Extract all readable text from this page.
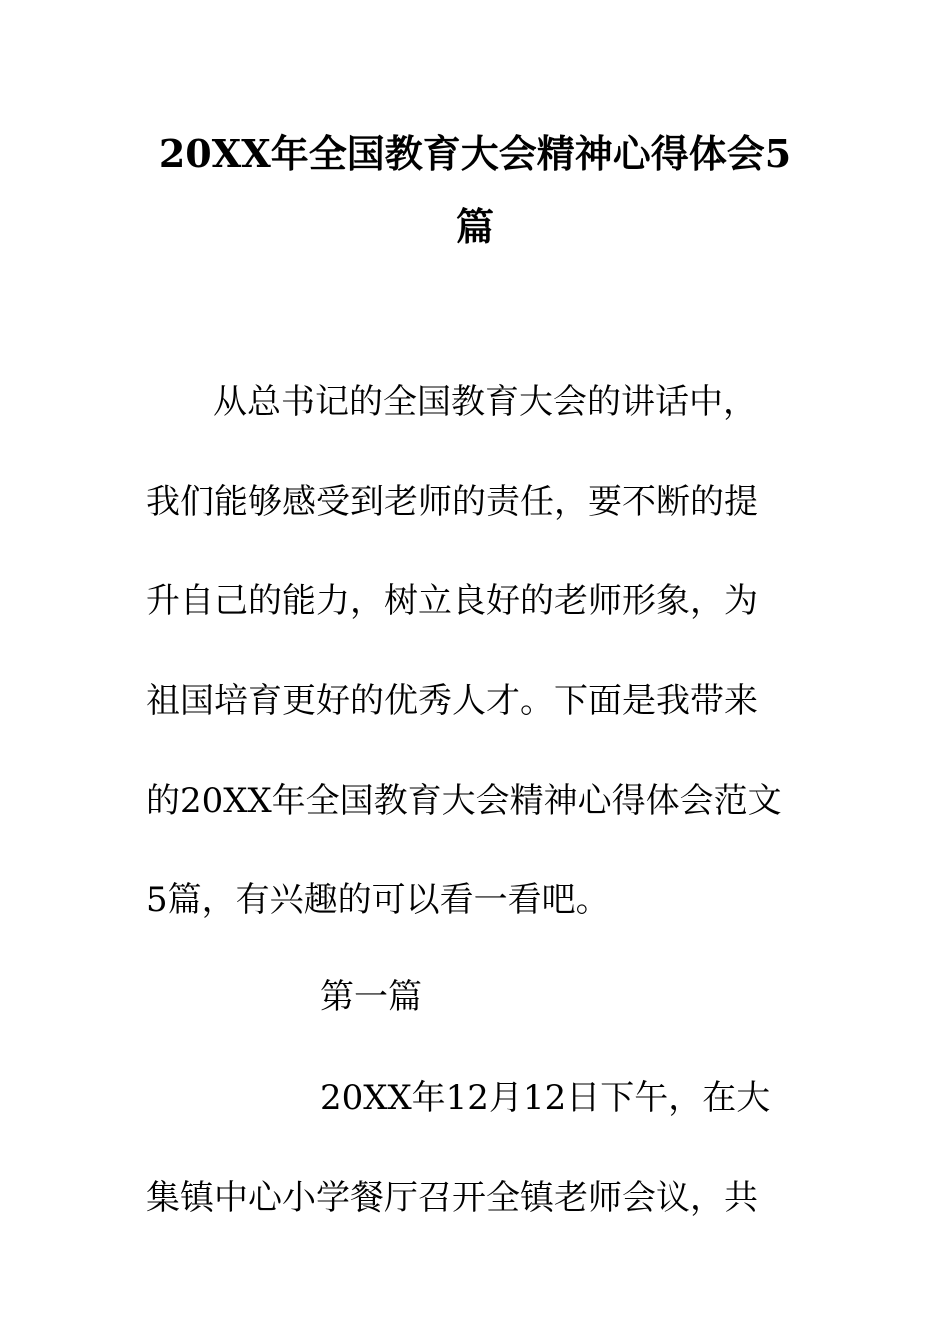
20XX年全国教育大会精神心得体会5
篇
从总书记的全国教育大会的讲话中，
我们能够感受到老师的责任，要不断的提
升自己的能力，树立良好的老师形象，为
祖国培育更好的优秀人才。下面是我带来
的20XX年全国教育大会精神心得体会范文
5篇，有兴趣的可以看一看吧。
第一篇
20XX年12月12日下午，在大
集镇中心小学餐厅召开全镇老师会议，共
